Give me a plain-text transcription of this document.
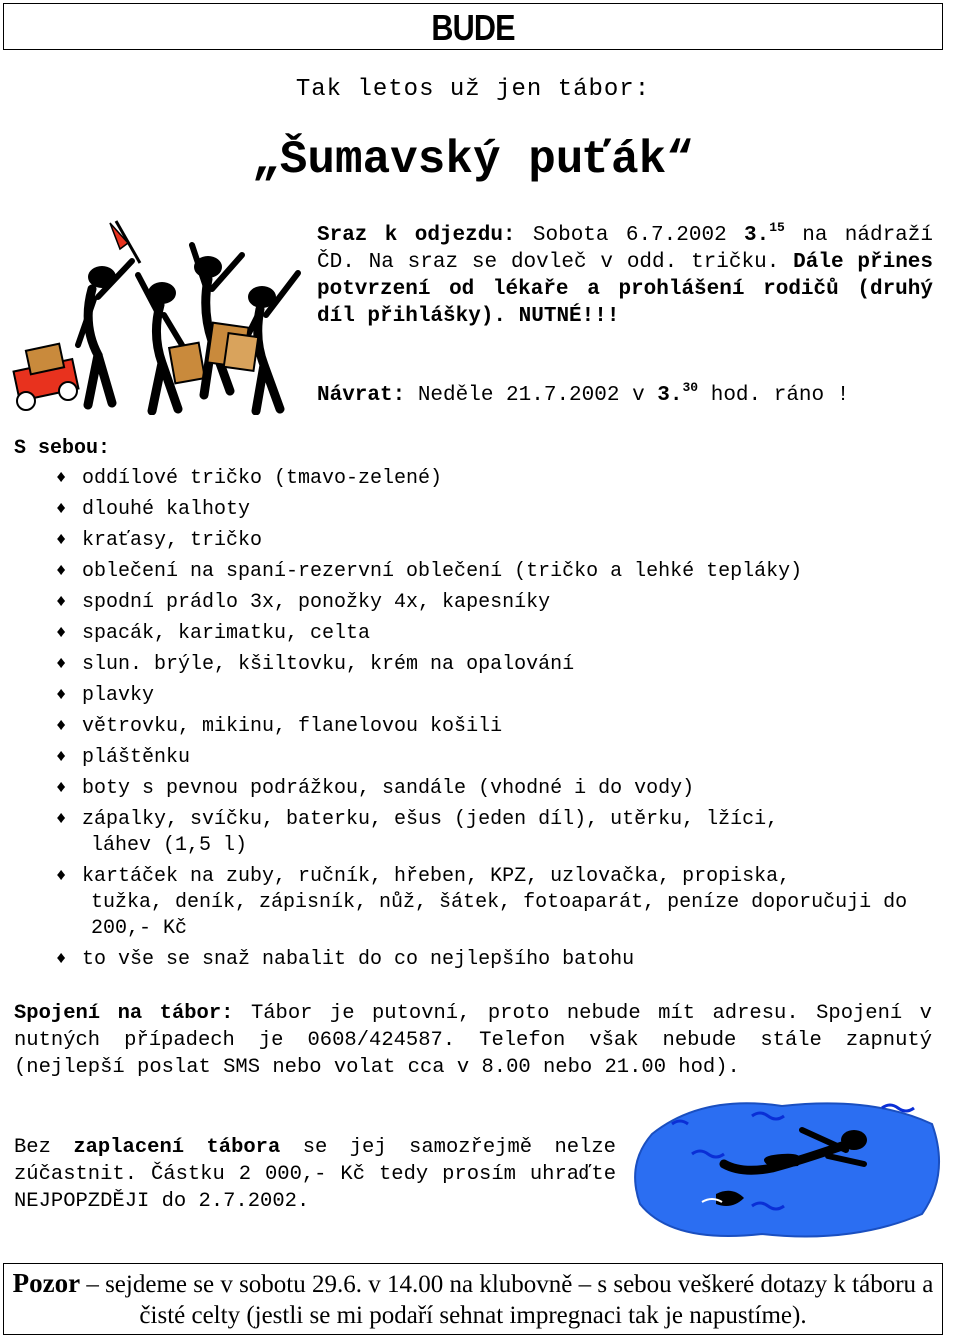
BUDE
Tak letos už jen tábor:
„Šumavský puťák“
Sraz k odjezdu: Sobota 6.7.2002 3.15 na nádraží ČD. Na sraz se dovleč v odd. tričku. Dále přines potvrzení od lékaře a prohlášení rodičů (druhý díl přihlášky). NUTNÉ!!!
Návrat: Neděle 21.7.2002 v 3.30 hod. ráno !
S sebou:
♦ oddílové tričko (tmavo-zelené)
♦ dlouhé kalhoty
♦ kraťasy, tričko
♦ oblečení na spaní-rezervní oblečení (tričko a lehké tepláky)
♦ spodní prádlo 3x, ponožky 4x, kapesníky
♦ spacák, karimatku, celta
♦ slun. brýle, kšiltovku, krém na opalování
♦ plavky
♦ větrovku, mikinu, flanelovou košili
♦ pláštěnku
♦ boty s pevnou podrážkou, sandále (vhodné i do vody)
♦ zápalky, svíčku, baterku, ešus (jeden díl), utěrku, lžíci,
láhev (1,5 l)
♦ kartáček na zuby, ručník, hřeben, KPZ, uzlovačka, propiska,
tužka, deník, zápisník, nůž, šátek, fotoaparát, peníze doporučuji do 200,- Kč
♦ to vše se snaž nabalit do co nejlepšího batohu
Spojení na tábor: Tábor je putovní, proto nebude mít adresu. Spojení v nutných případech je 0608/424587. Telefon však nebude stále zapnutý (nejlepší poslat SMS nebo volat cca v 8.00 nebo 21.00 hod).
Bez zaplacení tábora se jej samozřejmě nelze zúčastnit. Částku 2 000,- Kč tedy prosím uhraďte NEJPOPZDĚJI do 2.7.2002.
Pozor – sejdeme se v sobotu 29.6. v 14.00 na klubovně – s sebou veškeré dotazy k táboru a čisté celty (jestli se mi podaří sehnat impregnaci tak je napustíme).
